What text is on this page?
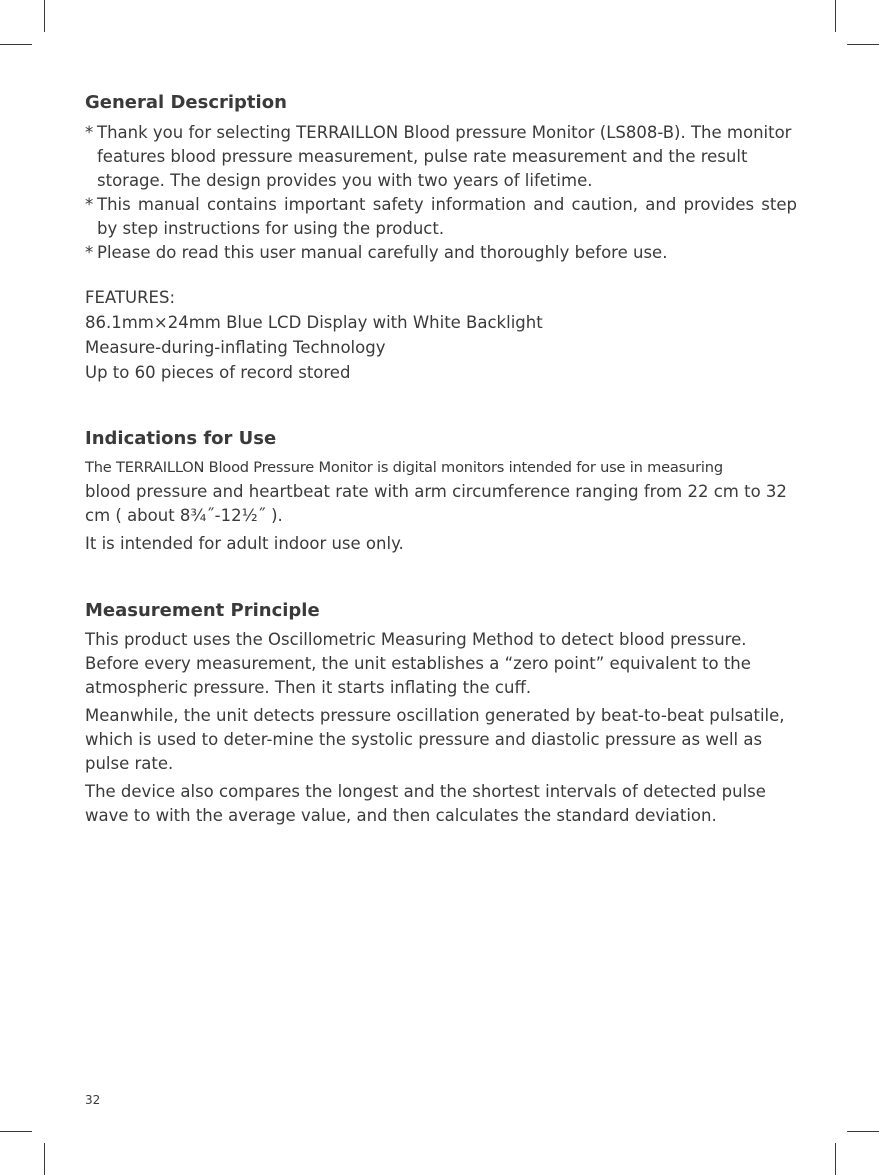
General Description

* Thank you for selecting TERRAILLON Blood pressure Monitor (LS808-B). The monitor features blood pressure measurement, pulse rate measurement and the result storage. The design provides you with two years of lifetime.

* This manual contains important safety information and caution, and provides step by step instructions for using the product.

* Please do read this user manual carefully and thoroughly before use.

FEATURES:

86.1mm×24mm Blue LCD Display with White Backlight

Measure-during-inflating Technology

Up to 60 pieces of record stored

Indications for Use

The TERRAILLON Blood Pressure Monitor is digital monitors intended for use in measuring

blood pressure and heartbeat rate with arm circumference ranging from 22 cm to 32 cm ( about 8¾˝-12½˝ ).

It is intended for adult indoor use only.

Measurement Principle

This product uses the Oscillometric Measuring Method to detect blood pressure. Before every measurement, the unit establishes a “zero point” equivalent to the atmospheric pressure. Then it starts inflating the cuff.

Meanwhile, the unit detects pressure oscillation generated by beat-to-beat pulsatile, which is used to deter-mine the systolic pressure and diastolic pressure as well as pulse rate.

The device also compares the longest and the shortest intervals of detected pulse wave to with the average value, and then calculates the standard deviation.

32
